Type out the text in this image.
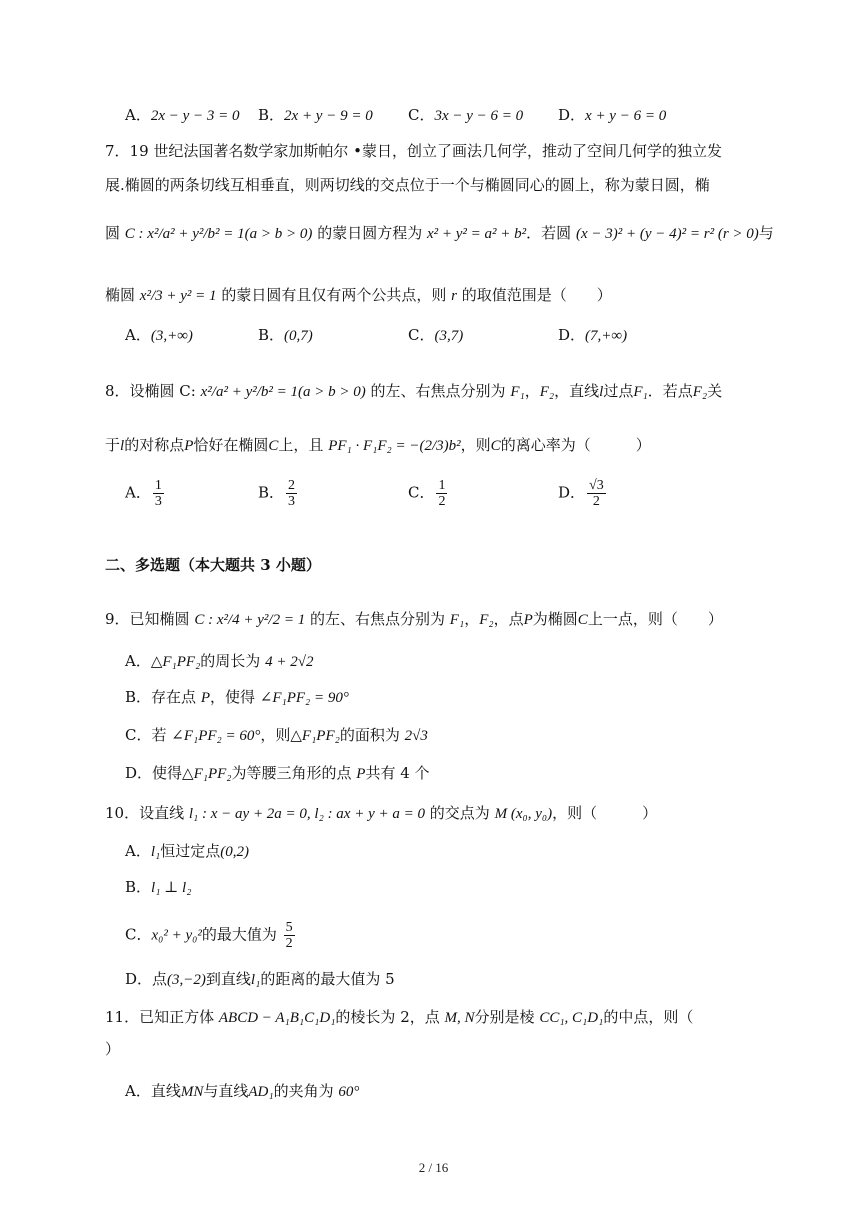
A．2x − y − 3 = 0 B．2x + y − 9 = 0 C．3x − y − 6 = 0 D．x + y − 6 = 0
7．19 世纪法国著名数学家加斯帕尔 •蒙日，创立了画法几何学，推动了空间几何学的独立发
展.椭圆的两条切线互相垂直，则两切线的交点位于一个与椭圆同心的圆上，称为蒙日圆，椭
圆 C : x²/a² + y²/b² = 1(a > b > 0) 的蒙日圆方程为 x² + y² = a² + b²．若圆 (x − 3)² + (y − 4)² = r² (r > 0)与
椭圆 x²/3 + y² = 1 的蒙日圆有且仅有两个公共点，则 r 的取值范围是（　　）
A．(3,+∞)	B．(0,7)	C．(3,7)	D．(7,+∞)
8．设椭圆 C: x²/a² + y²/b² = 1(a > b > 0) 的左、右焦点分别为 F₁，F₂，直线l过点F₁．若点F₂关
于l的对称点P恰好在椭圆C上，且 PF₁ · F₁F₂ = −(2/3)b²，则C的离心率为（　　　）
A． $\frac{1}{3}$	B． $\frac{2}{3}$	C． $\frac{1}{2}$	D． $\frac{√3}{2}$
二、多选题（本大题共 3 小题）
9．已知椭圆 C : x²/4 + y²/2 = 1 的左、右焦点分别为 F₁，F₂，点P为椭圆C上一点，则（　　）
A．△F₁PF₂的周长为 4 + 2√2
B．存在点 P，使得 ∠F₁PF₂ = 90°
C．若 ∠F₁PF₂ = 60°，则△F₁PF₂的面积为 2√3
D．使得△F₁PF₂为等腰三角形的点 P共有 4 个
10．设直线 l₁ : x − ay + 2a = 0, l₂ : ax + y + a = 0 的交点为 M (x₀, y₀)，则（　　　）
A．l₁恒过定点(0,2)
B．l₁ ⊥ l₂
C．x₀² + y₀²的最大值为 $\frac{5}{2}$
D．点(3,−2)到直线l₁的距离的最大值为 5
11．已知正方体 ABCD − A₁B₁C₁D₁的棱长为 2，点 M, N分别是棱 CC₁, C₁D₁的中点，则（
）
A．直线MN与直线AD₁的夹角为 60°
2 / 16
